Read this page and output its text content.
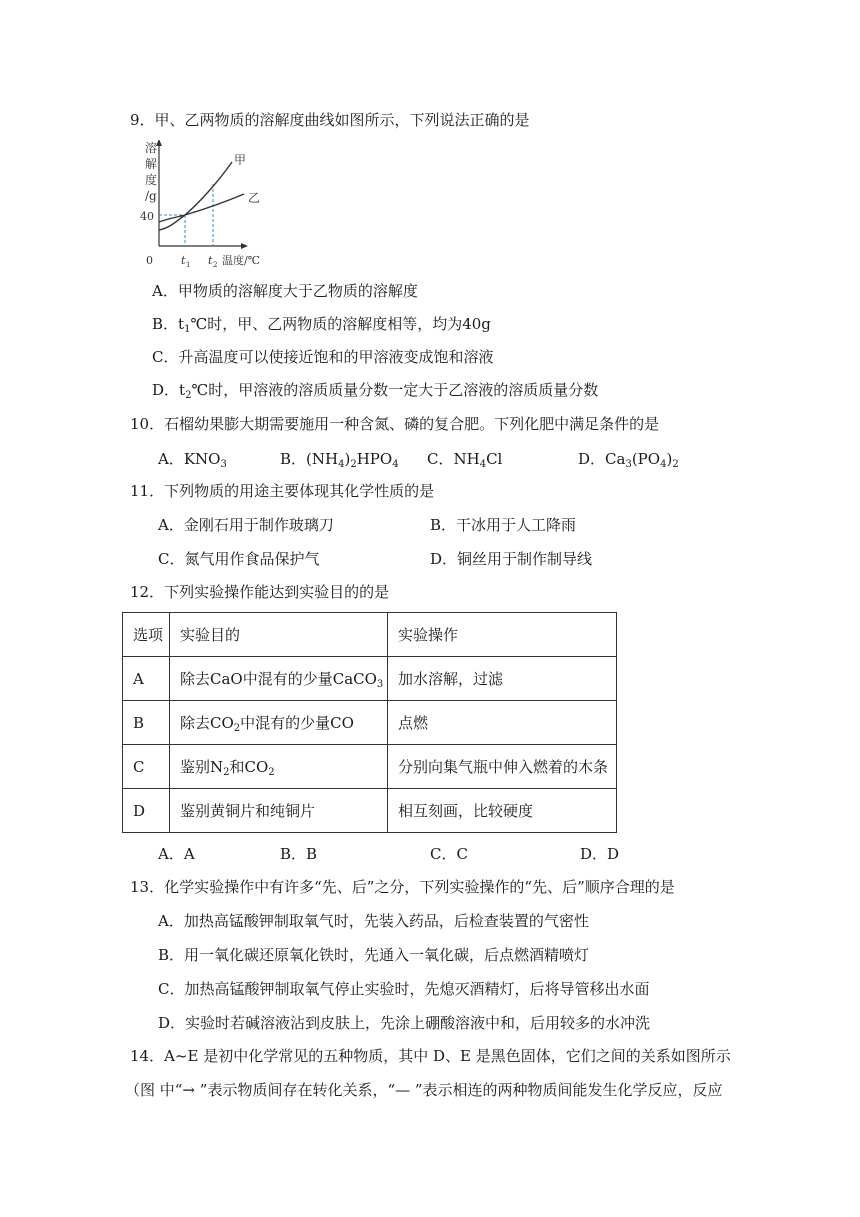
9．甲、乙两物质的溶解度曲线如图所示，下列说法正确的是
溶
解
度
/g
40
甲
乙
0	t 1 t 2 温度/℃
A．甲物质的溶解度大于乙物质的溶解度
B．$t_1℃$时，甲、乙两物质的溶解度相等，均为40g
C．升高温度可以使接近饱和的甲溶液变成饱和溶液
D．$t_2℃$时，甲溶液的溶质质量分数一定大于乙溶液的溶质质量分数
10．石榴幼果膨大期需要施用一种含氮、磷的复合肥。下列化肥中满足条件的是
A．$KNO_3$	B．$(NH_4)_2HPO_4$ C．$NH_4Cl$	D．$Ca_3(PO_4)_2$
11．下列物质的用途主要体现其化学性质的是
A．金刚石用于制作玻璃刀	B．干冰用于人工降雨
C．氮气用作食品保护气	D．铜丝用于制作制导线
12．下列实验操作能达到实验目的的是
选项	实验目的	实验操作
A	除去CaO中混有的少量CaCO$_3$	加水溶解，过滤
B	除去$CO_2$中混有的少量CO	点燃
C	鉴别$N_2$和$CO_2$	分别向集气瓶中伸入燃着的木条
D	鉴别黄铜片和纯铜片	相互刻画，比较硬度
A．A	B．B	C．C	D．D
13．化学实验操作中有许多“先、后”之分，下列实验操作的“先、后”顺序合理的是
A．加热高锰酸钾制取氧气时，先装入药品，后检查装置的气密性
B．用一氧化碳还原氧化铁时，先通入一氧化碳，后点燃酒精喷灯
C．加热高锰酸钾制取氧气停止实验时，先熄灭酒精灯，后将导管移出水面
D．实验时若碱溶液沾到皮肤上，先涂上硼酸溶液中和，后用较多的水冲洗
14．A~E 是初中化学常见的五种物质，其中 D、E 是黑色固体，它们之间的关系如图所示
（图 中“→ ”表示物质间存在转化关系，“— ”表示相连的两种物质间能发生化学反应，反应
